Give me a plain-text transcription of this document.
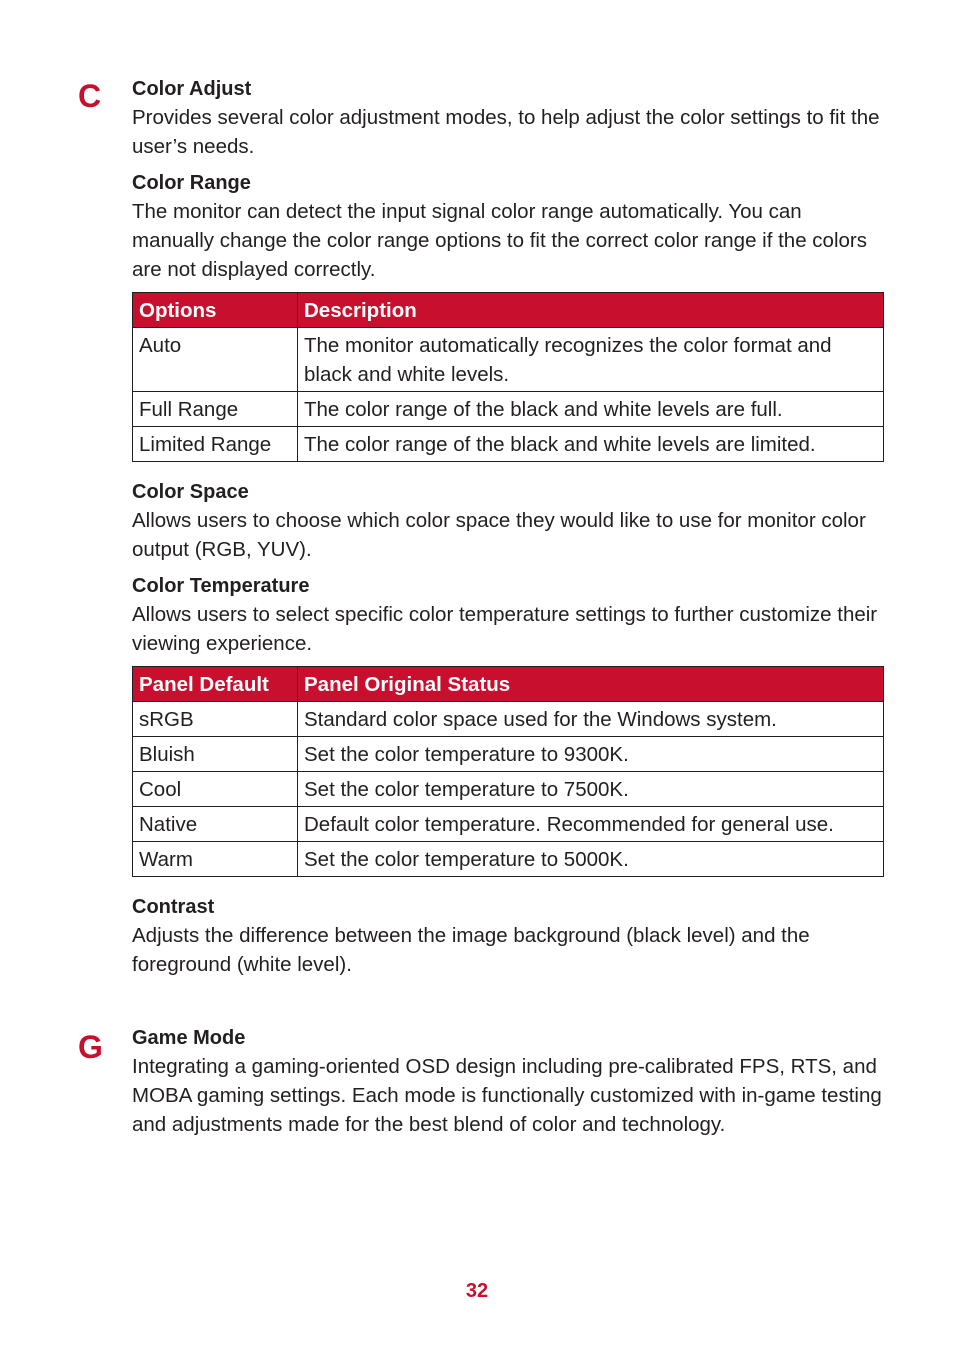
C Color Adjust

Provides several color adjustment modes, to help adjust the color settings to fit the user’s needs.

Color Range

The monitor can detect the input signal color range automatically. You can manually change the color range options to fit the correct color range if the colors are not displayed correctly.

Options	Description
Auto	The monitor automatically recognizes the color format and black and white levels.
Full Range	The color range of the black and white levels are full.
Limited Range	The color range of the black and white levels are limited.

Color Space

Allows users to choose which color space they would like to use for monitor color output (RGB, YUV).

Color Temperature

Allows users to select specific color temperature settings to further customize their viewing experience.

Panel Default	Panel Original Status
sRGB	Standard color space used for the Windows system.
Bluish	Set the color temperature to 9300K.
Cool	Set the color temperature to 7500K.
Native	Default color temperature. Recommended for general use.
Warm	Set the color temperature to 5000K.

Contrast

Adjusts the difference between the image background (black level) and the foreground (white level).

G Game Mode

Integrating a gaming-oriented OSD design including pre-calibrated FPS, RTS, and MOBA gaming settings. Each mode is functionally customized with in-game testing and adjustments made for the best blend of color and technology.

32
